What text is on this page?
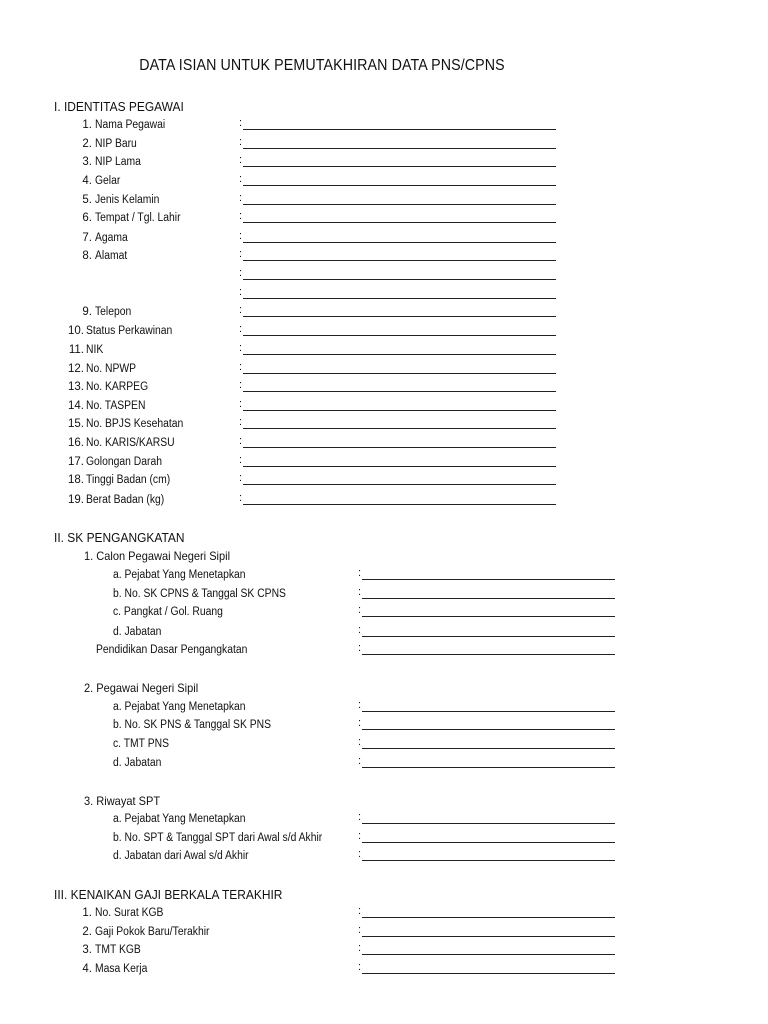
DATA ISIAN UNTUK PEMUTAKHIRAN DATA PNS/CPNS
I. IDENTITAS PEGAWAI
1. Nama Pegawai	:
2. NIP Baru	:
3. NIP Lama	:
4. Gelar	:
5. Jenis Kelamin	:
6. Tempat / Tgl. Lahir	:
7. Agama	:
8. Alamat	:
:
:
9. Telepon	:
10. Status Perkawinan	:
11. NIK	:
12. No. NPWP	:
13. No. KARPEG	:
14. No. TASPEN	:
15. No. BPJS Kesehatan	:
16. No. KARIS/KARSU	:
17. Golongan Darah	:
18. Tinggi Badan (cm)	:
19. Berat Badan (kg)	:
II. SK PENGANGKATAN
1. Calon Pegawai Negeri Sipil
a. Pejabat Yang Menetapkan	:
b. No. SK CPNS & Tanggal SK CPNS	:
c. Pangkat / Gol. Ruang	:
d. Jabatan	:
Pendidikan Dasar Pengangkatan	:
2. Pegawai Negeri Sipil
a. Pejabat Yang Menetapkan	:
b. No. SK PNS & Tanggal SK PNS	:
c. TMT PNS	:
d. Jabatan	:
3. Riwayat SPT
a. Pejabat Yang Menetapkan	:
b. No. SPT & Tanggal SPT dari Awal s/d Akhir	:
d. Jabatan dari Awal s/d Akhir	:
III. KENAIKAN GAJI BERKALA TERAKHIR
1. No. Surat KGB	:
2. Gaji Pokok Baru/Terakhir	:
3. TMT KGB	:
4. Masa Kerja	:
